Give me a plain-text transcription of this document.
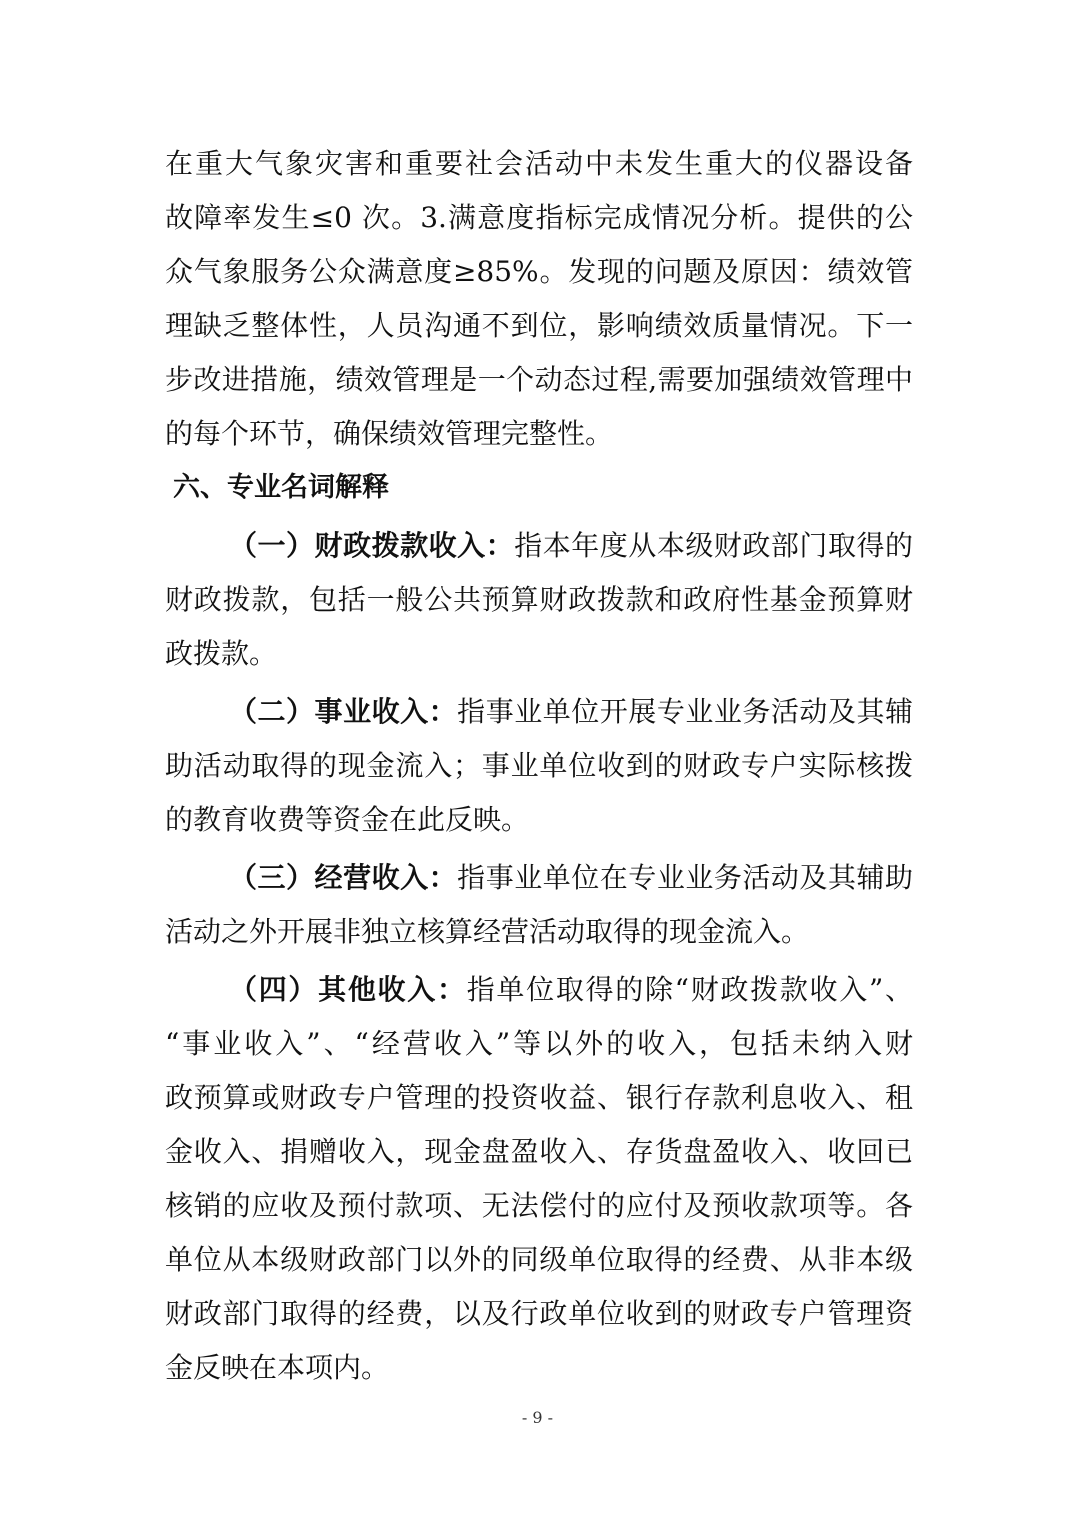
在重大气象灾害和重要社会活动中未发生重大的仪器设备
故障率发生≤0 次。3.满意度指标完成情况分析。提供的公
众气象服务公众满意度≥85%。发现的问题及原因：绩效管
理缺乏整体性，人员沟通不到位，影响绩效质量情况。下一
步改进措施，绩效管理是一个动态过程,需要加强绩效管理中
的每个环节，确保绩效管理完整性。
六、专业名词解释
（一）财政拨款收入：指本年度从本级财政部门取得的
财政拨款，包括一般公共预算财政拨款和政府性基金预算财
政拨款。
（二）事业收入：指事业单位开展专业业务活动及其辅
助活动取得的现金流入；事业单位收到的财政专户实际核拨
的教育收费等资金在此反映。
（三）经营收入：指事业单位在专业业务活动及其辅助
活动之外开展非独立核算经营活动取得的现金流入。
（四）其他收入：指单位取得的除“财政拨款收入”、
“事业收入”、“经营收入”等以外的收入，包括未纳入财
政预算或财政专户管理的投资收益、银行存款利息收入、租
金收入、捐赠收入，现金盘盈收入、存货盘盈收入、收回已
核销的应收及预付款项、无法偿付的应付及预收款项等。各
单位从本级财政部门以外的同级单位取得的经费、从非本级
财政部门取得的经费，以及行政单位收到的财政专户管理资
金反映在本项内。
- 9 -
